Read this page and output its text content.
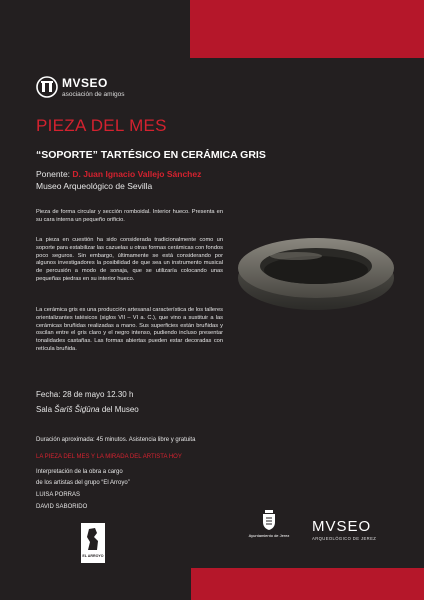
MVSEO
asociación de amigos
PIEZA DEL MES
“SOPORTE” TARTÉSICO EN CERÁMICA GRIS
Ponente: D. Juan Ignacio Vallejo Sánchez
Museo Arqueológico de Sevilla

Pieza de forma circular y sección romboidal. Interior hueco. Presenta en su cara interna un pequeño orificio.

La pieza en cuestión ha sido considerada tradicionalmente como un soporte para estabilizar las cazuelas u otras formas cerámicas con fondos poco seguros. Sin embargo, últimamente se está considerando por algunos investigadores la posibilidad de que sea un instrumento musical de percusión a modo de sonaja, que se utilizaría colocando unas pequeñas piedras en su interior hueco.

La cerámica gris es una producción artesanal característica de los talleres orientalizantes tatésicos (siglos VII – VI a. C.), que vino a sustituir a las cerámicas bruñidas realizadas a mano. Sus superficies están bruñidas y oscilan entre el gris claro y el negro intenso, pudiendo incluso presentar tonalidades castañas. Las formas abiertas pueden estar decoradas con retícula bruñida.

Fecha: 28 de mayo 12.30 h
Sala Šarīš Šiḏūna del Museo
Duración aproximada: 45 minutos. Asistencia libre y gratuita
LA PIEZA DEL MES Y LA MIRADA DEL ARTISTA HOY
Interpretación de la obra a cargo
de los artistas del grupo “El Arroyo”
LUISA PORRAS
DAVID SABORIDO
EL ARROYO
Ayuntamiento de Jerez
MVSEO
ARQUEOLÓGICO DE JEREZ
